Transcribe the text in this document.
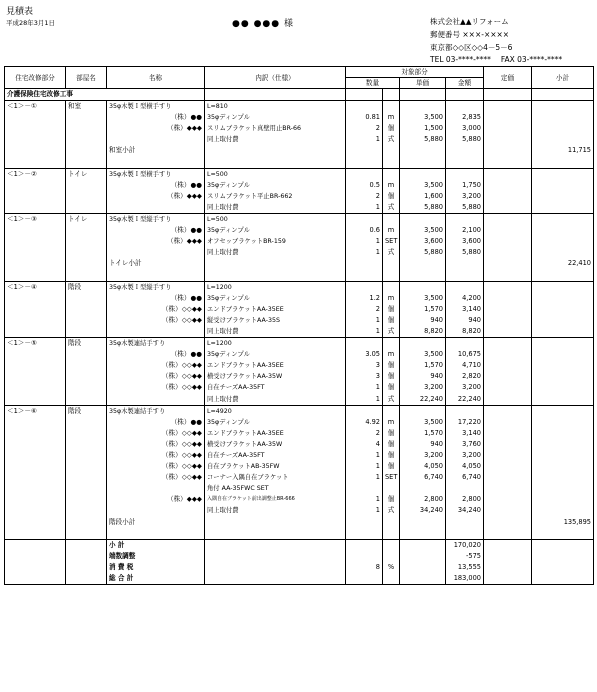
見積表
平成28年3月1日	●● ●●● 様	株式会社▲▲リフォーム
郵便番号 ×××-××××
東京都◇◇区◇◇4－5－6
TEL 03-****-**** FAX 03-****-****
住宅改修部分	部屋名	名称	内訳（仕様）	対象部分				定価	小計
				数量		単価	金額		
介護保険住宅改修工事									
＜1＞－①	和室	35φ木製Ｉ型横手すり	L=810						
		（株）●●	35φディンプル	0.81	m	3,500	2,835		
		（株）◆◆◆	スリムブラケット真壁用止BR-66	2	個	1,500	3,000		
			同上取付費	1	式	5,880	5,880		
		和室小計							11,715

＜1＞－②	トイレ	35φ木製Ｉ型横手すり	L=500						
		（株）●●	35φディンプル	0.5	m	3,500	1,750		
		（株）◆◆◆	スリムブラケット平止BR-662	2	個	1,600	3,200		
			同上取付費	1	式	5,880	5,880		
＜1＞－③	トイレ	35φ木製Ｉ型縦手すり	L=500						
		（株）●●	35φディンプル	0.6	m	3,500	2,100		
		（株）◆◆◆	オフセッブラケットBR-159	1	SET	3,600	3,600		
			同上取付費	1	式	5,880	5,880		
		トイレ小計							22,410

＜1＞－④	階段	35φ木製Ｉ型縦手すり	L=1200						
		（株）●●	35φディンプル	1.2	m	3,500	4,200		
		（株）◇◇◆◆	エンドブラケットAA-35EE	2	個	1,570	3,140		
		（株）◇◇◆◆	縦受けブラケットAA-35S	1	個	940	940		
			同上取付費	1	式	8,820	8,820		
＜1＞－⑤	階段	35φ木製連結手すり	L=1200						
		（株）●●	35φディンプル	3.05	m	3,500	10,675		
		（株）◇◇◆◆	エンドブラケットAA-35EE	3	個	1,570	4,710		
		（株）◇◇◆◆	横受けブラケットAA-35W	3	個	940	2,820		
		（株）◇◇◆◆	自在チーズAA-35FT	1	個	3,200	3,200		
			同上取付費	1	式	22,240	22,240		
＜1＞－⑥	階段	35φ木製連結手すり	L=4920						
		（株）●●	35φディンプル	4.92	m	3,500	17,220		
		（株）◇◇◆◆	エンドブラケットAA-35EE	2	個	1,570	3,140		
		（株）◇◇◆◆	横受けブラケットAA-35W	4	個	940	3,760		
		（株）◇◇◆◆	自在チーズAA-35FT	1	個	3,200	3,200		
		（株）◇◇◆◆	自在ブラケットAB-35FW	1	個	4,050	4,050		
		（株）◇◇◆◆	コーナー入隅自在ブラケット	1	SET	6,740	6,740		
			角付 AA-35FWC SET						
		（株）◆◆◆	入隅自在ブラケット前出調整止BR-666	1	個	2,800	2,800		
			同上取付費	1	式	34,240	34,240		
		階段小計							135,895

		小 計					170,020		
		端数調整					-575		
		消 費 税		8	%		13,555		
		総 合 計					183,000		
